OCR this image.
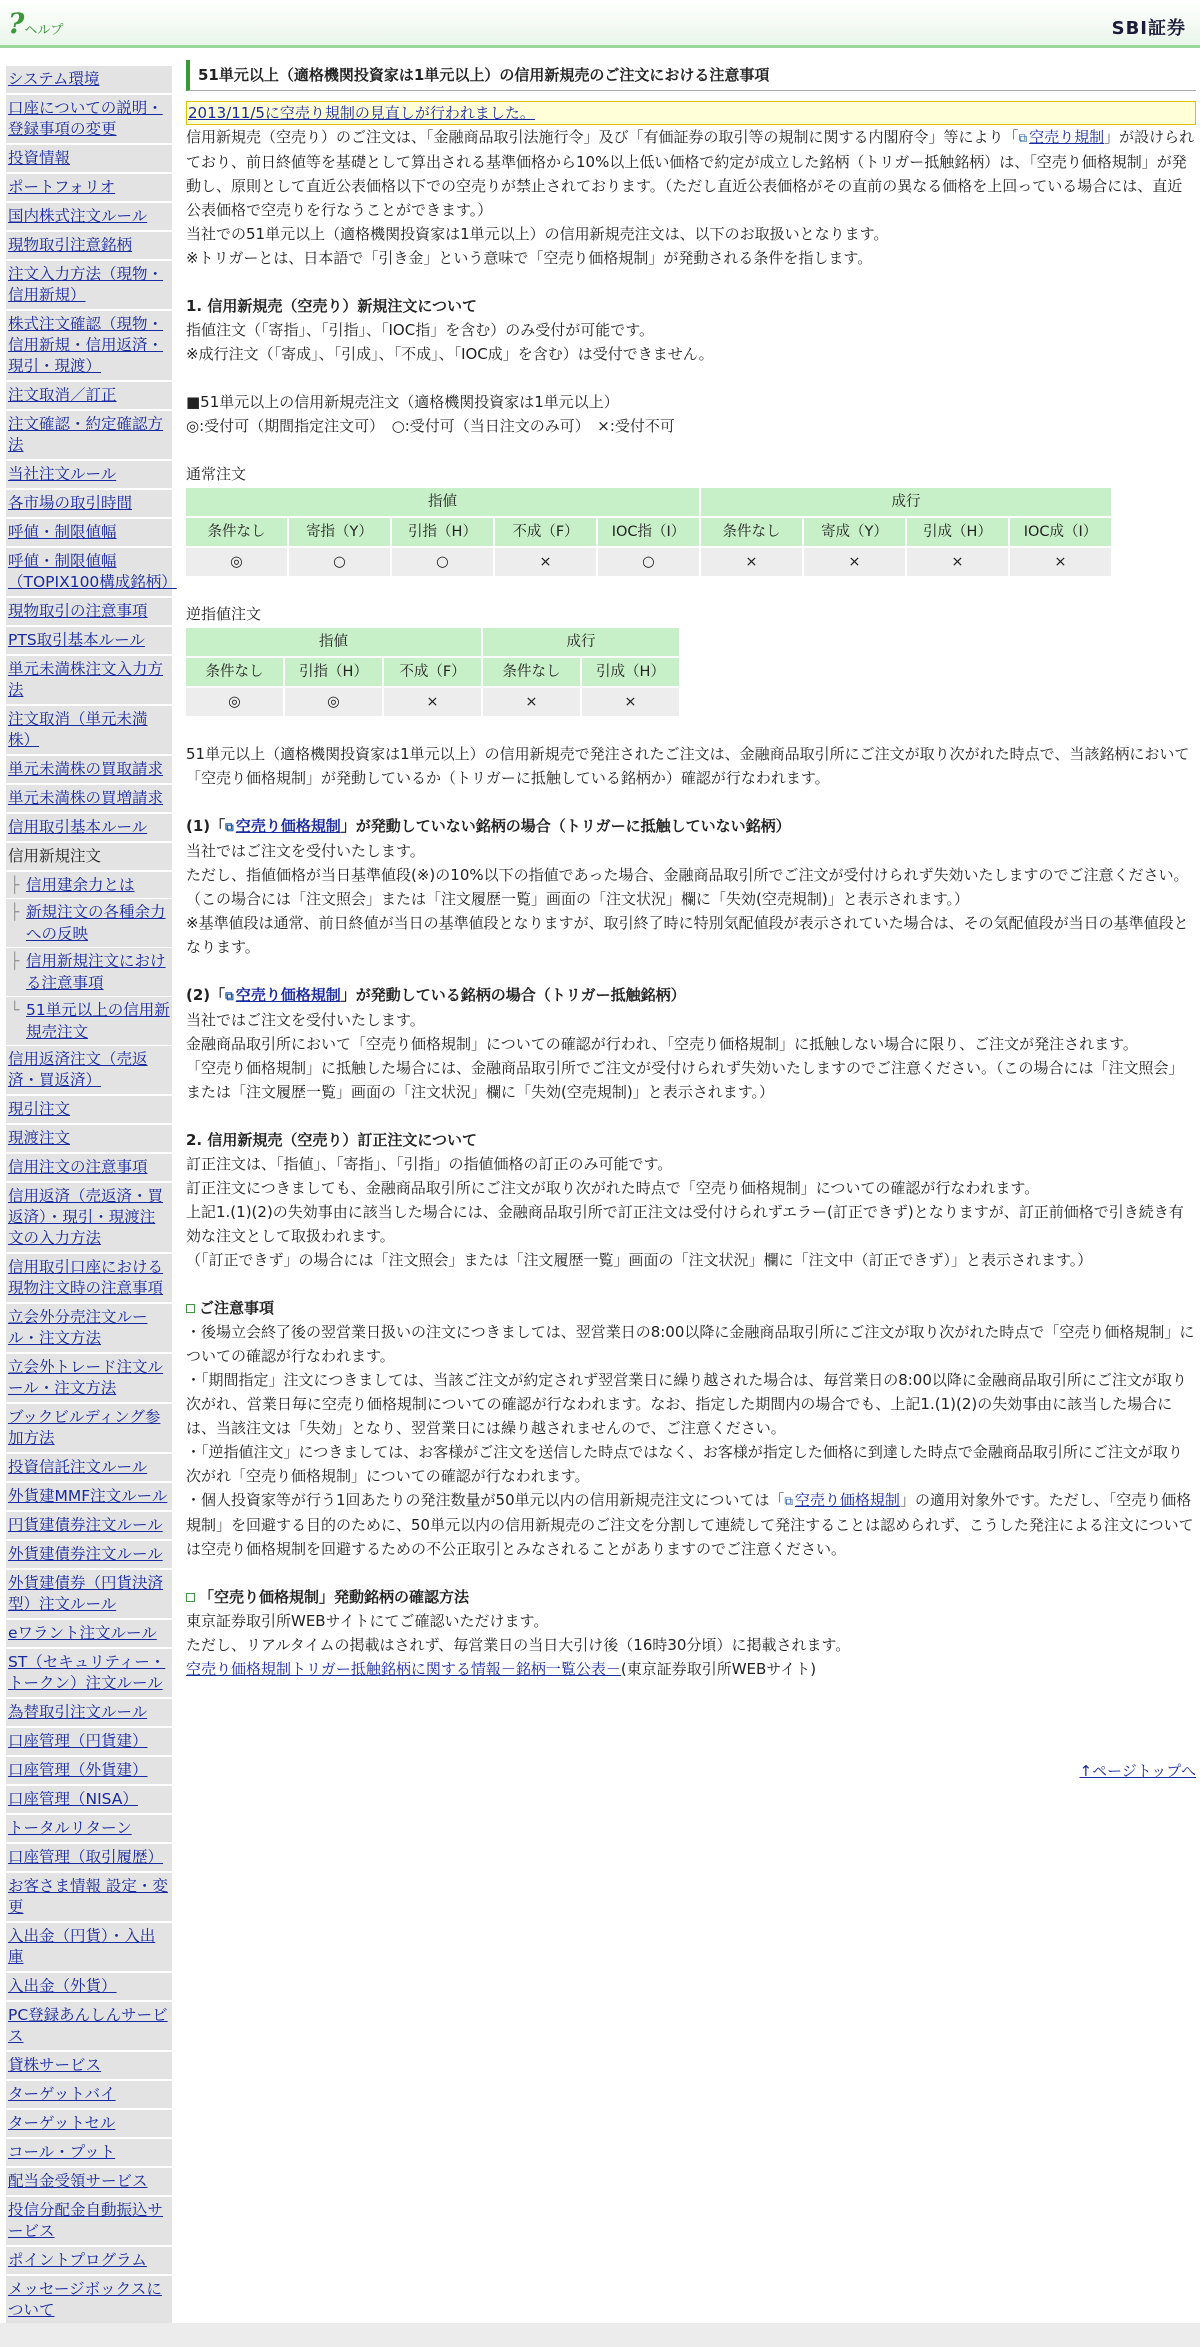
?ヘルプ	SBI証券
システム環境
口座についての説明・登録事項の変更
投資情報
ポートフォリオ
国内株式注文ルール
現物取引注意銘柄
注文入力方法（現物・信用新規）
株式注文確認（現物・信用新規・信用返済・現引・現渡）
注文取消／訂正
注文確認・約定確認方法
当社注文ルール
各市場の取引時間
呼値・制限値幅
呼値・制限値幅（TOPIX100構成銘柄）
現物取引の注意事項
PTS取引基本ルール
単元未満株注文入力方法
注文取消（単元未満株）
単元未満株の買取請求
単元未満株の買増請求
信用取引基本ルール
信用新規注文
├ 信用建余力とは
├ 新規注文の各種余力への反映
├ 信用新規注文における注意事項
└ 51単元以上の信用新規売注文
信用返済注文（売返済・買返済）
現引注文
現渡注文
信用注文の注意事項
信用返済（売返済・買返済）・現引・現渡注文の入力方法
信用取引口座における現物注文時の注意事項
立会外分売注文ルール・注文方法
立会外トレード注文ルール・注文方法
ブックビルディング参加方法
投資信託注文ルール
外貨建MMF注文ルール
円貨建債券注文ルール
外貨建債券注文ルール
外貨建債券（円貨決済型）注文ルール
eワラント注文ルール
ST（セキュリティー・トークン）注文ルール
為替取引注文ルール
口座管理（円貨建）
口座管理（外貨建）
口座管理（NISA）
トータルリターン
口座管理（取引履歴）
お客さま情報 設定・変更
入出金（円貨）・入出庫
入出金（外貨）
PC登録あんしんサービス
貸株サービス
ターゲットバイ
ターゲットセル
コール・プット
配当金受領サービス
投信分配金自動振込サービス
ポイントプログラム
メッセージボックスについて
51単元以上（適格機関投資家は1単元以上）の信用新規売のご注文における注意事項
2013/11/5に空売り規制の見直しが行われました。

信用新規売（空売り）のご注文は、「金融商品取引法施行令」及び「有価証券の取引等の規制に関する内閣府令」等により「 ⧉ 空売り規制」が設けられており、前日終値等を基礎として算出される基準価格から10%以上低い価格で約定が成立した銘柄（トリガー抵触銘柄）は、「空売り価格規制」が発動し、原則として直近公表価格以下での空売りが禁止されております。（ただし直近公表価格がその直前の異なる価格を上回っている場合には、直近公表価格で空売りを行なうことができます。）

当社での51単元以上（適格機関投資家は1単元以上）の信用新規売注文は、以下のお取扱いとなります。

※トリガーとは、日本語で「引き金」という意味で「空売り価格規制」が発動される条件を指します。

1. 信用新規売（空売り）新規注文について

指値注文（「寄指」、「引指」、「IOC指」を含む）のみ受付が可能です。

※成行注文（「寄成」、「引成」、「不成」、「IOC成」を含む）は受付できません。

■51単元以上の信用新規売注文（適格機関投資家は1単元以上）

◎:受付可（期間指定注文可）　○:受付可（当日注文のみ可）　×:受付不可

通常注文

指値					成行			
条件なし	寄指（Y）	引指（H）	不成（F）	IOC指（I）	条件なし	寄成（Y）	引成（H）	IOC成（I）
◎	○	○	×	○	×	×	×	×

逆指値注文

指値			成行	
条件なし	引指（H）	不成（F）	条件なし	引成（H）
◎	◎	×	×	×

51単元以上（適格機関投資家は1単元以上）の信用新規売で発注されたご注文は、金融商品取引所にご注文が取り次がれた時点で、当該銘柄において「空売り価格規制」が発動しているか（トリガーに抵触している銘柄か）確認が行なわれます。

(1)「 ⧉ 空売り価格規制」が発動していない銘柄の場合（トリガーに抵触していない銘柄）

当社ではご注文を受付いたします。

ただし、指値価格が当日基準値段(※)の10%以下の指値であった場合、金融商品取引所でご注文が受付けられず失効いたしますのでご注意ください。（この場合には「注文照会」または「注文履歴一覧」画面の「注文状況」欄に「失効(空売規制)」と表示されます。）

※基準値段は通常、前日終値が当日の基準値段となりますが、取引終了時に特別気配値段が表示されていた場合は、その気配値段が当日の基準値段となります。

(2)「 ⧉ 空売り価格規制」が発動している銘柄の場合（トリガー抵触銘柄）

当社ではご注文を受付いたします。

金融商品取引所において「空売り価格規制」についての確認が行われ、「空売り価格規制」に抵触しない場合に限り、ご注文が発注されます。

「空売り価格規制」に抵触した場合には、金融商品取引所でご注文が受付けられず失効いたしますのでご注意ください。（この場合には「注文照会」または「注文履歴一覧」画面の「注文状況」欄に「失効(空売規制)」と表示されます。）

2. 信用新規売（空売り）訂正注文について

訂正注文は、「指値」、「寄指」、「引指」の指値価格の訂正のみ可能です。

訂正注文につきましても、金融商品取引所にご注文が取り次がれた時点で「空売り価格規制」についての確認が行なわれます。

上記1.(1)(2)の失効事由に該当した場合には、金融商品取引所で訂正注文は受付けられずエラー(訂正できず)となりますが、訂正前価格で引き続き有効な注文として取扱われます。

（「訂正できず」の場合には「注文照会」または「注文履歴一覧」画面の「注文状況」欄に「注文中（訂正できず）」と表示されます。）

ご注意事項

・後場立会終了後の翌営業日扱いの注文につきましては、翌営業日の8:00以降に金融商品取引所にご注文が取り次がれた時点で「空売り価格規制」についての確認が行なわれます。

・「期間指定」注文につきましては、当該ご注文が約定されず翌営業日に繰り越された場合は、毎営業日の8:00以降に金融商品取引所にご注文が取り次がれ、営業日毎に空売り価格規制についての確認が行なわれます。なお、指定した期間内の場合でも、上記1.(1)(2)の失効事由に該当した場合には、当該注文は「失効」となり、翌営業日には繰り越されませんので、ご注意ください。

・「逆指値注文」につきましては、お客様がご注文を送信した時点ではなく、お客様が指定した価格に到達した時点で金融商品取引所にご注文が取り次がれ「空売り価格規制」についての確認が行なわれます。

・個人投資家等が行う1回あたりの発注数量が50単元以内の信用新規売注文については「 ⧉ 空売り価格規制」の適用対象外です。ただし、「空売り価格規制」を回避する目的のために、50単元以内の信用新規売のご注文を分割して連続して発注することは認められず、こうした発注による注文については空売り価格規制を回避するための不公正取引とみなされることがありますのでご注意ください。

「空売り価格規制」発動銘柄の確認方法

東京証券取引所WEBサイトにてご確認いただけます。

ただし、リアルタイムの掲載はされず、毎営業日の当日大引け後（16時30分頃）に掲載されます。

空売り価格規制トリガー抵触銘柄に関する情報－銘柄一覧公表－(東京証券取引所WEBサイト)

↑ページトップへ
